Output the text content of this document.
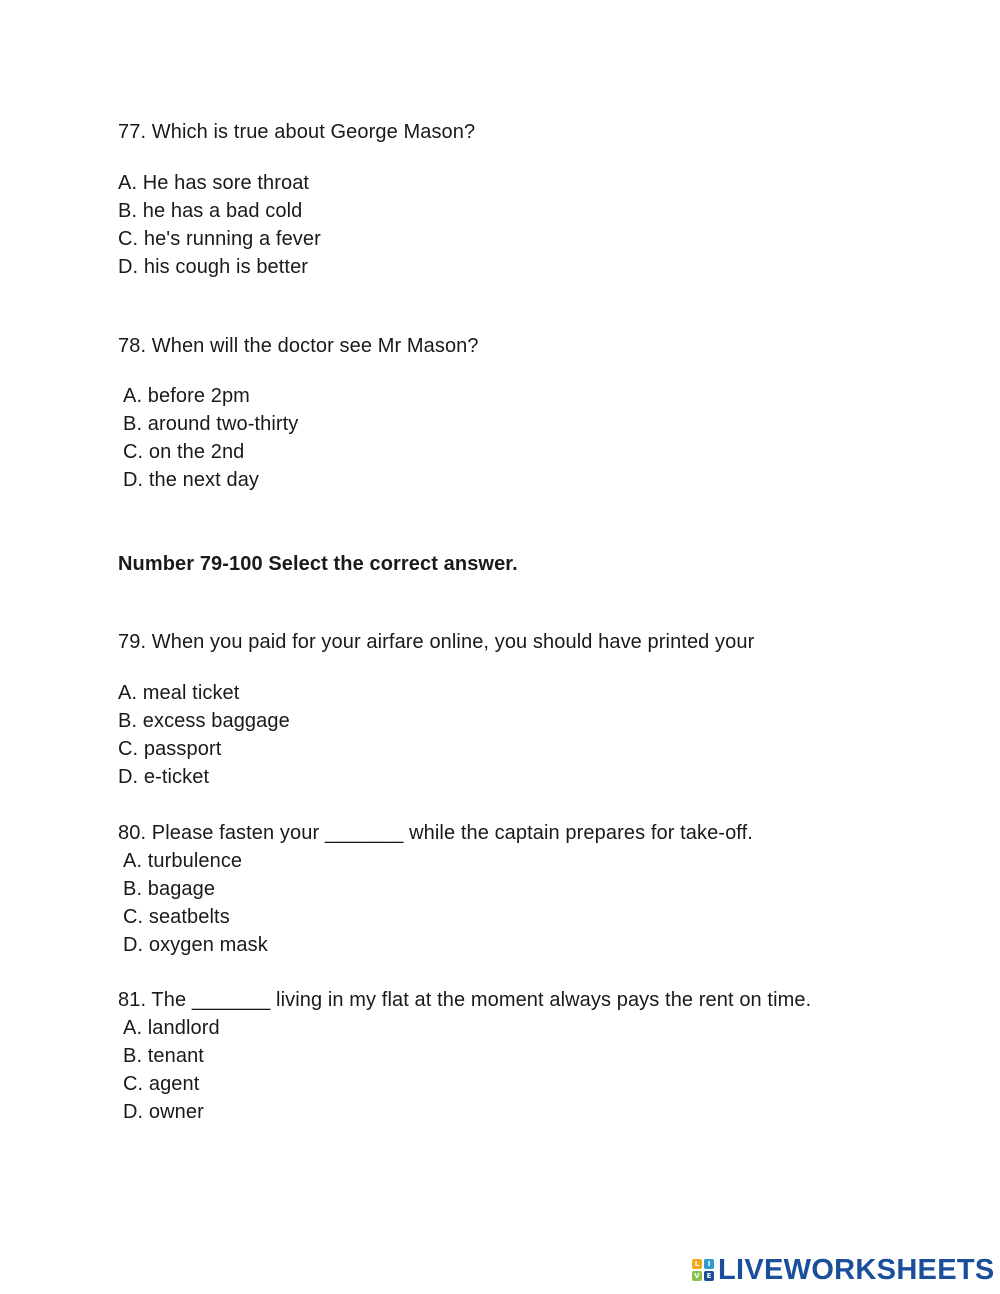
77. Which is true about George Mason?
A. He has sore throat
B. he has a bad cold
C. he's running a fever
D. his cough is better
78. When will the doctor see Mr Mason?
A. before 2pm
B. around two-thirty
C. on the 2nd
D. the next day
Number 79-100 Select the correct answer.
79. When you paid for your airfare online, you should have printed your
A. meal ticket
B. excess baggage
C. passport
D. e-ticket
80. Please fasten your _______ while the captain prepares for take-off.
A. turbulence
B. bagage
C. seatbelts
D. oxygen mask
81. The _______ living in my flat at the moment always pays the rent on time.
A. landlord
B. tenant
C. agent
D. owner
L	I
V E LIVEWORKSHEETS
